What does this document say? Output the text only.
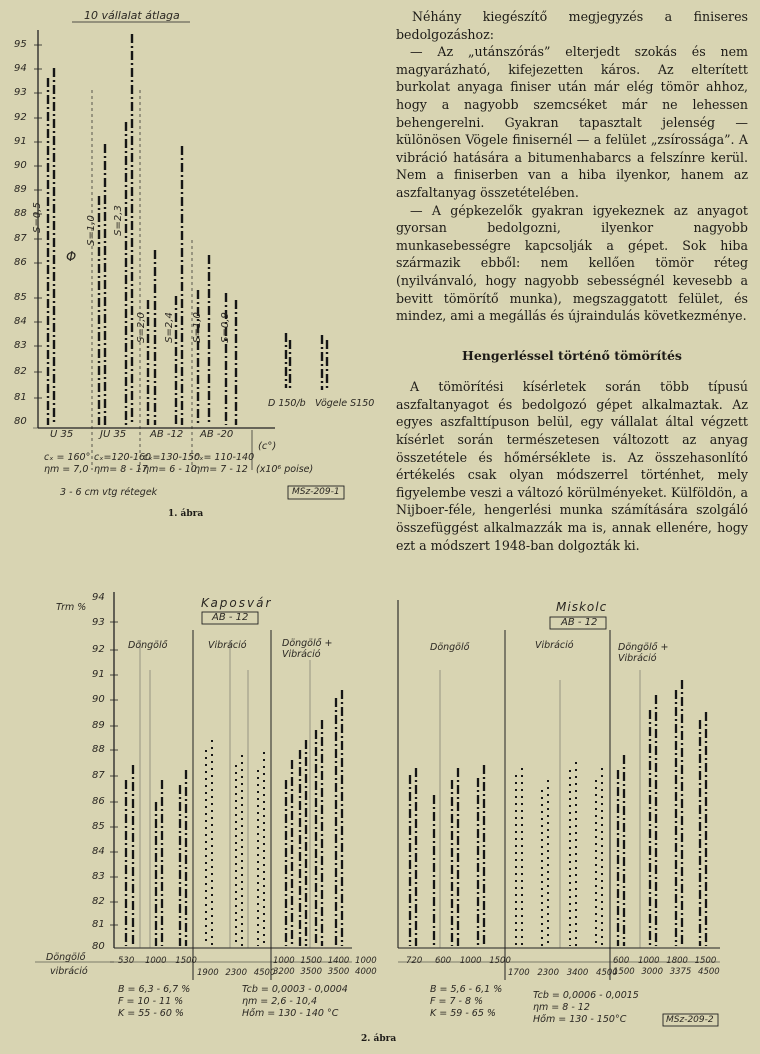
Néhány kiegészítő megjegyzés a finiseres bedolgozáshoz:

— Az „utánszórás” elterjedt szokás és nem magyarázható, kifejezetten káros. Az elterített burkolat anyaga finiser után már elég tömör ahhoz, hogy a nagyobb szemcséket már ne lehessen behengerelni. Gyakran tapasztalt jelenség — különösen Vögele finisernél — a felület „zsírossága”. A vibráció hatására a bitumenhabarcs a felszínre kerül. Nem a finiserben van a hiba ilyenkor, hanem az aszfaltanyag összetételében.

— A gépkezelők gyakran igyekeznek az anyagot gyorsan bedolgozni, ilyenkor nagyobb munkasebességre kapcsolják a gépet. Sok hiba származik ebből: nem kellően tömör réteg (nyilvánvaló, hogy nagyobb sebességnél kevesebb a bevitt tömörítő munka), megszaggatott felület, és mindez, ami a megállás és újraindulás következménye.

Hengerléssel történő tömörítés

A tömörítési kísérletek során több típusú aszfaltanyagot és bedolgozó gépet alkalmaztak. Az egyes aszfalttípuson belül, egy vállalat által végzett kísérlet során természetesen változott az anyag összetétele és hőmérséklete is. Az összehasonlító értékelés csak olyan módszerrel történhet, mely figyelembe veszi a változó körülményeket. Külföldön, a Nijboer-féle, hengerlési munka számítására szolgáló összefüggést alkalmazzák ma is, annak ellenére, hogy ezt a módszert 1948-ban dolgozták ki.

95
94
93
92
91
90
89
88
87
86
85
84
83
82
81
80
10 vállalat átlaga
Φ
S=0,5	S=1,0 S=2,3
S=2,0 S=2,4 S=1,0 S=0,9
U 35	JU 35 AB -12 AB -20
(c°)
cₓ = 160°
ηm = 7,0
cₓ=120-160
ηm= 8 - 17
cₓ=130-150
ηm= 6 - 10
cₓ= 110-140
ηm= 7 - 12 (x10⁶ poise)
3 - 6 cm vtg rétegek	MSz-209-1
D 150/b Vögele S150
1. ábra
Trm %
94
93
92
91
90
89
88
87
86
85
84
83
82
81
80
Kaposvár
AB - 12
Döngölő	Vibráció	Döngölő + Vibráció
Döngölő
vibráció
530 1000 1500
1900 2300 4500
1000 1500 1400 1000
3200 3500 3500 4000
B = 6,3 - 6,7 %
F = 10 - 11 %
K = 55 - 60 %
Tcb = 0,0003 - 0,0004
ηm = 2,6 - 10,4
Hőm = 130 - 140 °C
Miskolc
AB - 12
Döngölő	Vibráció	Döngölő + Vibráció
720 600 1000 1500
1700 2300 3400 4500
600 1000 1800 1500
1500 3000 3375 4500
B = 5,6 - 6,1 %
F = 7 - 8 %
K = 59 - 65 %
Tcb = 0,0006 - 0,0015
ηm = 8 - 12
Hőm = 130 - 150°C	MSz-209-2
2. ábra
